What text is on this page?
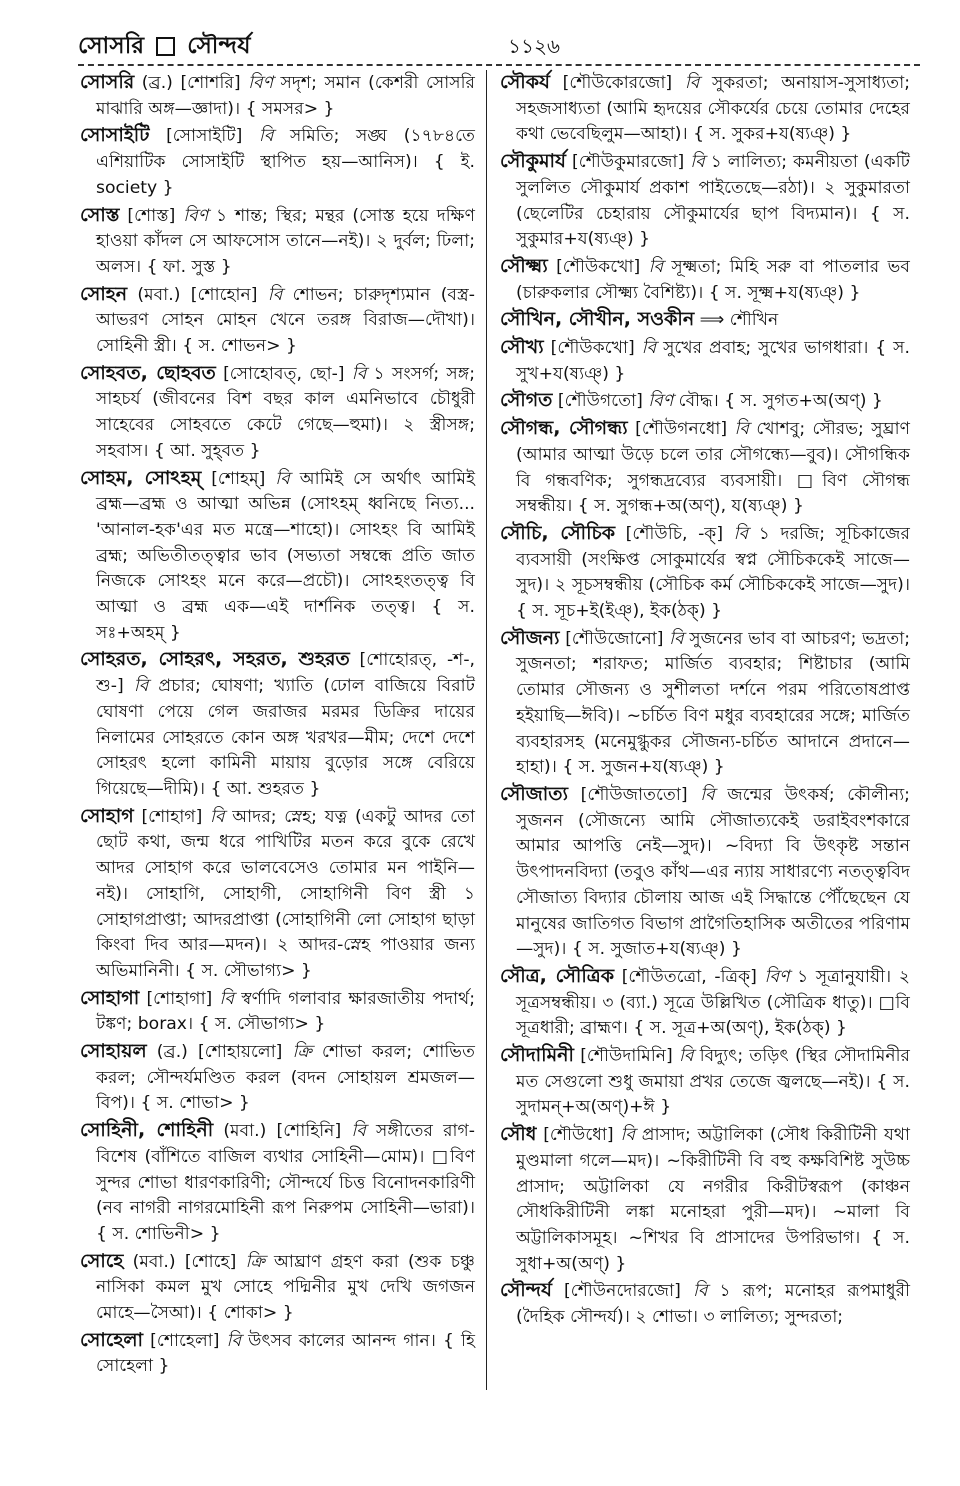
সোসরি সৌন্দর্য	১১২৬
সোসরি (ব্র.) [শোশরি] বিণ সদৃশ; সমান (কেশরী সোসরি মাঝারি অঙ্গ—জ্ঞাদা)। { সমসর> }
সোসাইটি [সোসাইটি] বি সমিতি; সঙ্ঘ (১৭৮৪তে এশিয়াটিক সোসাইটি স্থাপিত হয়—আনিস)। { ই. society }
সোস্ত [শোস্ত] বিণ ১ শান্ত; স্থির; মন্থর (সোস্ত হয়ে দক্ষিণ হাওয়া কাঁদল সে আফসোস তানে—নই)। ২ দুর্বল; ঢিলা; অলস। { ফা. সুস্ত }
সোহন (মবা.) [শোহোন] বি শোভন; চারুদৃশ্যমান (বস্ত্র-আভরণ সোহন মোহন খেনে তরঙ্গ বিরাজ—দৌখা)। সোহিনী স্ত্রী। { স. শোভন> }
সোহবত, ছোহবত [সোহোবত্, ছো-] বি ১ সংসর্গ; সঙ্গ; সাহচর্য (জীবনের বিশ বছর কাল এমনিভাবে চৌধুরী সাহেবের সোহবতে কেটে গেছে—হুমা)। ২ স্ত্রীসঙ্গ; সহবাস। { আ. সুহ্‌বত }
সোহম, সোঽহম্ [শোহম্] বি আমিই সে অর্থাৎ আমিই ব্রহ্ম—ব্রহ্ম ও আত্মা অভিন্ন (সোঽহম্ ধ্বনিছে নিত্য... 'আনাল-হক'এর মত মন্ত্রে—শাহো)। সোঽহং বি আমিই ব্রহ্ম; অভিতীতত্ত্বার ভাব (সভ্যতা সম্বন্ধে প্রতি জাত নিজকে সোঽহং মনে করে—প্রচৌ)। সোঽহংতত্ত্ব বি আত্মা ও ব্রহ্ম এক—এই দার্শনিক তত্ত্ব। { স. সঃ+অহম্ }
সোহরত, সোহরৎ, সহরত, শুহরত [শোহোরত্, -শ-, শু-] বি প্রচার; ঘোষণা; খ্যাতি (ঢোল বাজিয়ে বিরাট ঘোষণা পেয়ে গেল জরাজর মরমর ডিক্রির দায়ের নিলামের সোহরতে কোন অঙ্গ খরখর—মীম; দেশে দেশে সোহরৎ হলো কামিনী মায়ায় বুড়োর সঙ্গে বেরিয়ে গিয়েছে—দীমি)। { আ. শুহরত }
সোহাগ [শোহাগ] বি আদর; স্নেহ; যত্ন (একটু আদর তো ছোট কথা, জন্ম ধরে পাখিটির মতন করে বুকে রেখে আদর সোহাগ করে ভালবেসেও তোমার মন পাইনি—নই)। সোহাগি, সোহাগী, সোহাগিনী বিণ স্ত্রী ১ সোহাগপ্রাপ্তা; আদরপ্রাপ্তা (সোহাগিনী লো সোহাগ ছাড়া কিংবা দিব আর—মদন)। ২ আদর-স্নেহ পাওয়ার জন্য অভিমানিনী। { স. সৌভাগ্য> }
সোহাগা [শোহাগা] বি স্বর্ণাদি গলাবার ক্ষারজাতীয় পদার্থ; টঙ্কণ; borax। { স. সৌভাগ্য> }
সোহায়ল (ব্র.) [শোহায়লো] ক্রি শোভা করল; শোভিত করল; সৌন্দর্যমণ্ডিত করল (বদন সোহায়ল শ্রমজল—বিপ)। { স. শোভা> }
সোহিনী, শোহিনী (মবা.) [শোহিনি] বি সঙ্গীতের রাগ-বিশেষ (বাঁশিতে বাজিল ব্যথার সোহিনী—মোম)। □বিণ সুন্দর শোভা ধারণকারিণী; সৌন্দর্যে চিত্ত বিনোদনকারিণী (নব নাগরী নাগরমোহিনী রূপ নিরুপম সোহিনী—ভারা)। { স. শোভিনী> }
সোহে (মবা.) [শোহে] ক্রি আঘ্রাণ গ্রহণ করা (শুক চঞ্চু নাসিকা কমল মুখ সোহে পদ্মিনীর মুখ দেখি জগজন মোহে—সৈআ)। { শোকা> }
সোহেলা [শোহেলা] বি উৎসব কালের আনন্দ গান। { হি সোহেলা }
সৌকর্য [শৌউকোরজো] বি সুকরতা; অনায়াস-সুসাধ্যতা; সহজসাধ্যতা (আমি হৃদয়ের সৌকর্যের চেয়ে তোমার দেহের কথা ভেবেছিলুম—আহা)। { স. সুকর+য(ষ্যঞ্) }
সৌকুমার্য [শৌউকুমারজো] বি ১ লালিত্য; কমনীয়তা (একটি সুললিত সৌকুমার্য প্রকাশ পাইতেছে—রঠা)। ২ সুকুমারতা (ছেলেটির চেহারায় সৌকুমার্যের ছাপ বিদ্যমান)। { স. সুকুমার+য(ষ্যঞ্) }
সৌক্ষ্ম্য [শৌউকখো] বি সূক্ষ্মতা; মিহি সরু বা পাতলার ভব (চারুকলার সৌক্ষ্ম্য বৈশিষ্ট্য)। { স. সূক্ষ্ম+য(ষ্যঞ্) }
সৌখিন, সৌখীন, সওকীন ⟹ শৌখিন
সৌখ্য [শৌউকখো] বি সুখের প্রবাহ; সুখের ভাগধারা। { স. সুখ+য(ষ্যঞ্) }
সৌগত [শৌউগতো] বিণ বৌদ্ধ। { স. সুগত+অ(অণ্) }
সৌগন্ধ, সৌগন্ধ্য [শৌউগনধো] বি খোশবু; সৌরভ; সুঘ্রাণ (আমার আত্মা উড়ে চলে তার সৌগন্ধ্যে—বুব)। সৌগন্ধিক বি গন্ধবণিক; সুগন্ধদ্রব্যের ব্যবসায়ী। □বিণ সৌগন্ধ সম্বন্ধীয়। { স. সুগন্ধ+অ(অণ্), য(ষ্যঞ্) }
সৌচি, সৌচিক [শৌউচি, -ক্] বি ১ দরজি; সূচিকাজের ব্যবসায়ী (সংক্ষিপ্ত সোকুমার্যের স্বপ্ন সৌচিককেই সাজে—সুদ)। ২ সূচসম্বন্ধীয় (সৌচিক কর্ম সৌচিককেই সাজে—সুদ)। { স. সূচ+ই(ইঞ্), ইক(ঠক্) }
সৌজন্য [শৌউজোনো] বি সুজনের ভাব বা আচরণ; ভদ্রতা; সুজনতা; শরাফত; মার্জিত ব্যবহার; শিষ্টাচার (আমি তোমার সৌজন্য ও সুশীলতা দর্শনে পরম পরিতোষপ্রাপ্ত হইয়াছি—ঈবি)। ~চর্চিত বিণ মধুর ব্যবহারের সঙ্গে; মার্জিত ব্যবহারসহ (মনেমুগ্ধুকর সৌজন্য-চর্চিত আদানে প্রদানে—হাহা)। { স. সুজন+য(ষ্যঞ্) }
সৌজাত্য [শৌউজাততো] বি জন্মের উৎকর্ষ; কৌলীন্য; সুজনন (সৌজন্যে আমি সৌজাত্যকেই ডরাইবংশকারে আমার আপত্তি নেই—সুদ)। ~বিদ্যা বি উৎকৃষ্ট সন্তান উৎপাদনবিদ্যা (তবুও কাঁথ—এর ন্যায় সাধারণ্যে নতত্ত্ববিদ সৌজাত্য বিদ্যার চৌলায় আজ এই সিদ্ধান্তে পৌঁছেছেন যে মানুষের জাতিগত বিভাগ প্রাগৈতিহাসিক অতীতের পরিণাম—সুদ)। { স. সুজাত+য(ষ্যঞ্) }
সৌত্র, সৌত্রিক [শৌউতত্রো, -ত্রিক্] বিণ ১ সূত্রানুযায়ী। ২ সূত্রসম্বন্ধীয়। ৩ (ব্যা.) সূত্রে উল্লিখিত (সৌত্রিক ধাতু)। □বি সূত্রধারী; ব্রাহ্মণ। { স. সূত্র+অ(অণ্), ইক(ঠক্) }
সৌদামিনী [শৌউদামিনি] বি বিদ্যুৎ; তড়িৎ (স্থির সৌদামিনীর মত সেগুলো শুধু জমায়া প্রখর তেজে জ্বলছে—নই)। { স. সুদামন্+অ(অণ্)+ঈ }
সৌধ [শৌউধো] বি প্রাসাদ; অট্টালিকা (সৌধ কিরীটিনী যথা মুণ্ডমালা গলে—মদ)। ~কিরীটিনী বি বহু কক্ষবিশিষ্ট সুউচ্চ প্রাসাদ; অট্টালিকা যে নগরীর কিরীটস্বরূপ (কাঞ্চন সৌধকিরীটিনী লঙ্কা মনোহরা পুরী—মদ)। ~মালা বি অট্টালিকাসমূহ। ~শিখর বি প্রাসাদের উপরিভাগ। { স. সুধা+অ(অণ্) }
সৌন্দর্য [শৌউনদোরজো] বি ১ রূপ; মনোহর রূপমাধুরী (দৈহিক সৌন্দর্য)। ২ শোভা। ৩ লালিত্য; সুন্দরতা;
